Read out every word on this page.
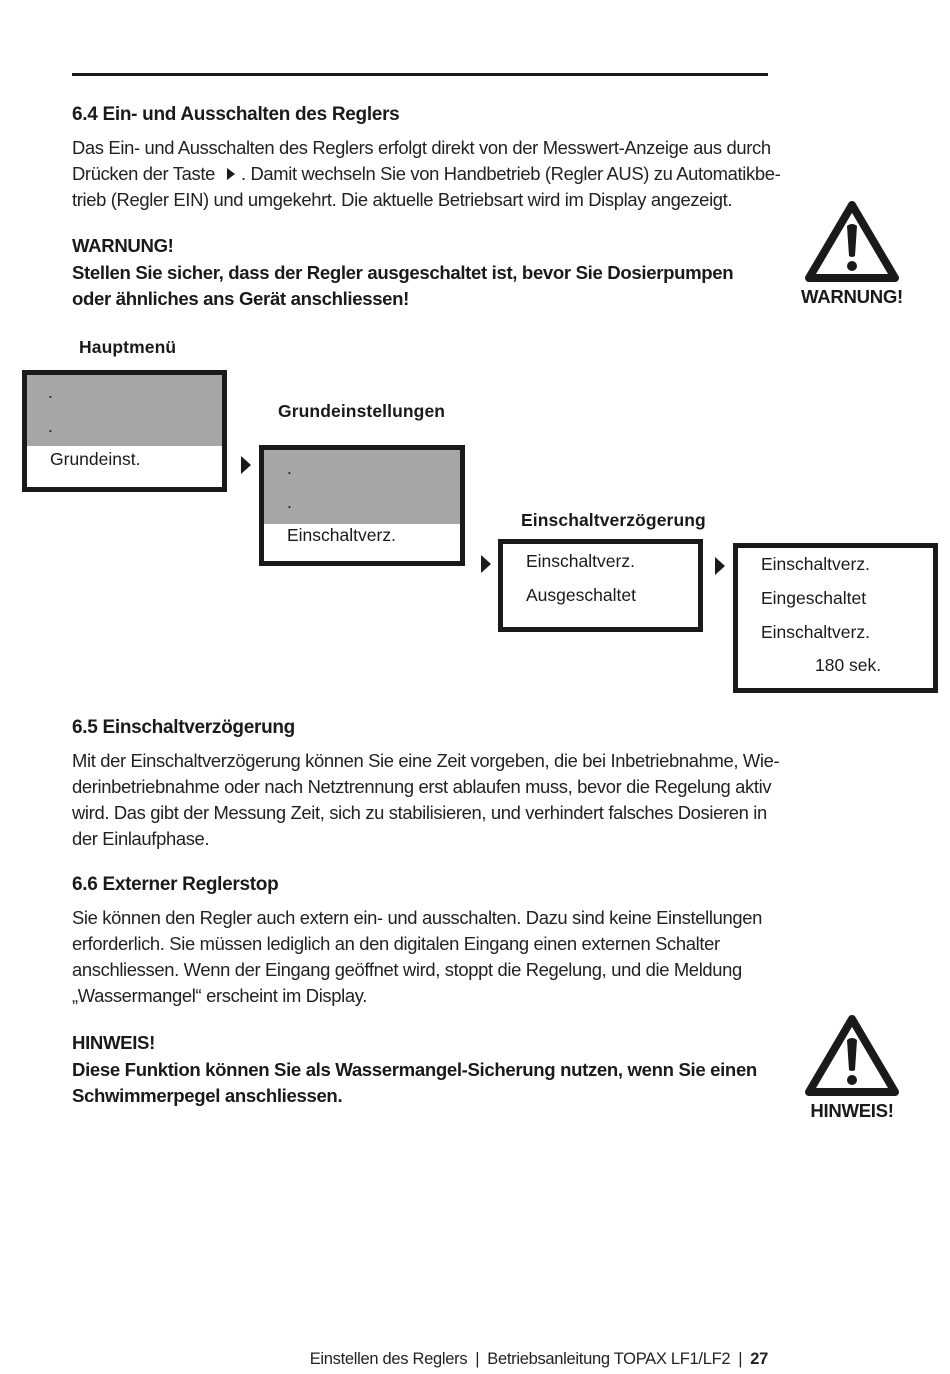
6.4 Ein- und Ausschalten des Reglers
Das Ein- und Ausschalten des Reglers erfolgt direkt von der Messwert-Anzeige aus durch
Drücken der Taste . Damit wechseln Sie von Handbetrieb (Regler AUS) zu Automatikbe-
trieb (Regler EIN) und umgekehrt. Die aktuelle Betriebsart wird im Display angezeigt.
WARNUNG!
Stellen Sie sicher, dass der Regler ausgeschaltet ist, bevor Sie Dosierpumpen
oder ähnliches ans Gerät anschliessen!	WARNUNG!
Hauptmenü
.
.
Grundeinst.
Grundeinstellungen
.
.
Einschaltverz.
Einschaltverzögerung
Einschaltverz.
Ausgeschaltet
Einschaltverz.
Eingeschaltet
Einschaltverz.
180 sek.
6.5 Einschaltverzögerung
Mit der Einschaltverzögerung können Sie eine Zeit vorgeben, die bei Inbetriebnahme, Wie-
derinbetriebnahme oder nach Netztrennung erst ablaufen muss, bevor die Regelung aktiv
wird. Das gibt der Messung Zeit, sich zu stabilisieren, und verhindert falsches Dosieren in
der Einlaufphase.
6.6 Externer Reglerstop
Sie können den Regler auch extern ein- und ausschalten. Dazu sind keine Einstellungen
erforderlich. Sie müssen lediglich an den digitalen Eingang einen externen Schalter
anschliessen. Wenn der Eingang geöffnet wird, stoppt die Regelung, und die Meldung
„Wassermangel“ erscheint im Display.
HINWEIS!
Diese Funktion können Sie als Wassermangel-Sicherung nutzen, wenn Sie einen
Schwimmerpegel anschliessen.
HINWEIS!
Einstellen des Reglers | Betriebsanleitung TOPAX LF1/LF2 | 27
